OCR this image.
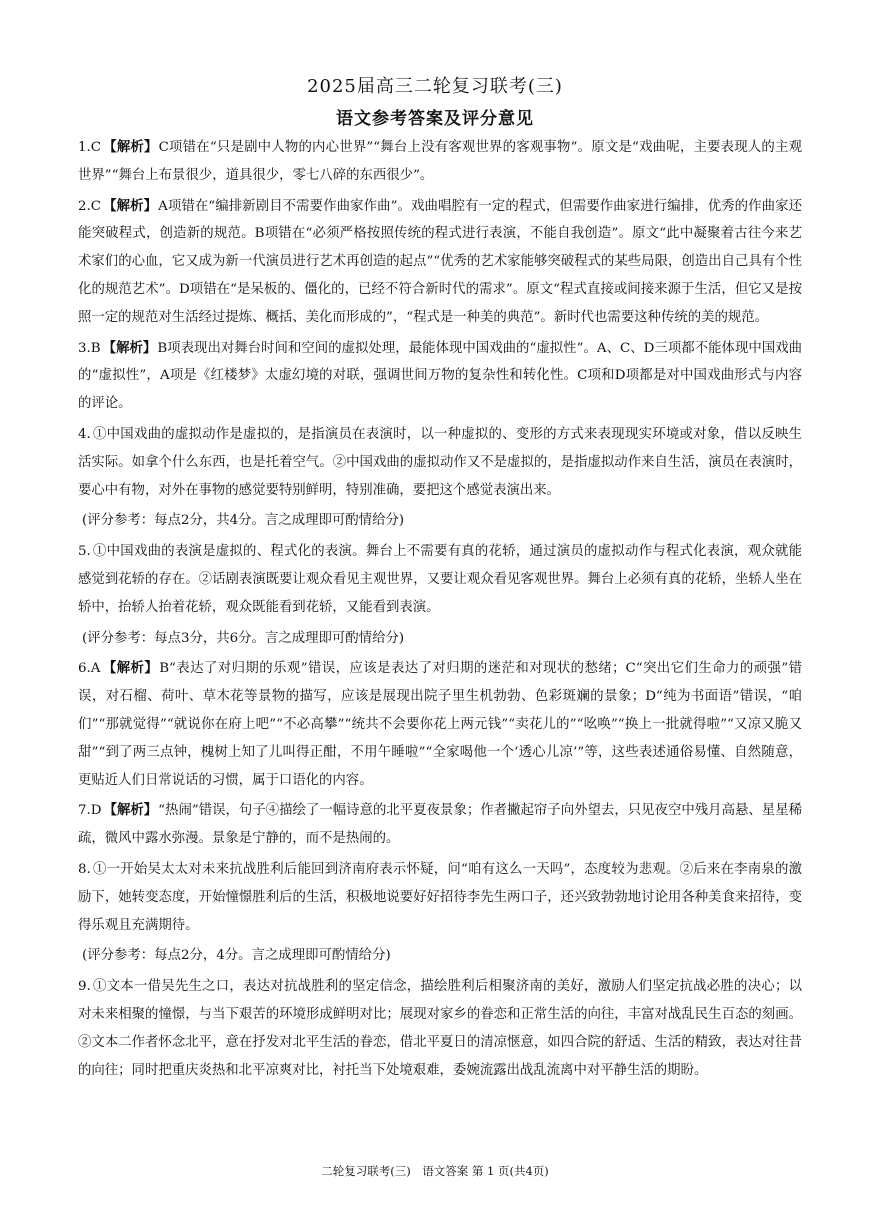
2025届高三二轮复习联考(三)
语文参考答案及评分意见

1.C 【解析】C项错在“只是剧中人物的内心世界”“舞台上没有客观世界的客观事物”。原文是“戏曲呢，主要表现人的主观世界”“舞台上布景很少，道具很少，零七八碎的东西很少”。

2.C 【解析】A项错在“编排新剧目不需要作曲家作曲”。戏曲唱腔有一定的程式，但需要作曲家进行编排，优秀的作曲家还能突破程式，创造新的规范。B项错在“必须严格按照传统的程式进行表演，不能自我创造”。原文“此中凝聚着古往今来艺术家们的心血，它又成为新一代演员进行艺术再创造的起点”“优秀的艺术家能够突破程式的某些局限，创造出自己具有个性化的规范艺术”。D项错在“是呆板的、僵化的，已经不符合新时代的需求”。原文“程式直接或间接来源于生活，但它又是按照一定的规范对生活经过提炼、概括、美化而形成的”，“程式是一种美的典范”。新时代也需要这种传统的美的规范。

3.B 【解析】B项表现出对舞台时间和空间的虚拟处理，最能体现中国戏曲的“虚拟性”。A、C、D三项都不能体现中国戏曲的“虚拟性”，A项是《红楼梦》太虚幻境的对联，强调世间万物的复杂性和转化性。C项和D项都是对中国戏曲形式与内容的评论。

4. ①中国戏曲的虚拟动作是虚拟的，是指演员在表演时，以一种虚拟的、变形的方式来表现现实环境或对象，借以反映生活实际。如拿个什么东西，也是托着空气。②中国戏曲的虚拟动作又不是虚拟的，是指虚拟动作来自生活，演员在表演时，要心中有物，对外在事物的感觉要特别鲜明，特别准确，要把这个感觉表演出来。

(评分参考：每点2分，共4分。言之成理即可酌情给分)

5. ①中国戏曲的表演是虚拟的、程式化的表演。舞台上不需要有真的花轿，通过演员的虚拟动作与程式化表演，观众就能感觉到花轿的存在。②话剧表演既要让观众看见主观世界，又要让观众看见客观世界。舞台上必须有真的花轿，坐轿人坐在轿中，抬轿人抬着花轿，观众既能看到花轿，又能看到表演。

(评分参考：每点3分，共6分。言之成理即可酌情给分)

6.A 【解析】B“表达了对归期的乐观”错误，应该是表达了对归期的迷茫和对现状的愁绪；C“突出它们生命力的顽强”错误，对石榴、荷叶、草木花等景物的描写，应该是展现出院子里生机勃勃、色彩斑斓的景象；D“纯为书面语”错误，“咱们”“那就觉得”“就说你在府上吧”“不必高攀”“统共不会要你花上两元钱”“卖花儿的”“吆唤”“换上一批就得啦”“又凉又脆又甜”“到了两三点钟，槐树上知了儿叫得正酣，不用午睡啦”“全家喝他一个‘透心儿凉’”等，这些表述通俗易懂、自然随意，更贴近人们日常说话的习惯，属于口语化的内容。

7.D 【解析】“热闹”错误，句子④描绘了一幅诗意的北平夏夜景象；作者撇起帘子向外望去，只见夜空中残月高悬、星星稀疏，微风中露水弥漫。景象是宁静的，而不是热闹的。

8. ①一开始吴太太对未来抗战胜利后能回到济南府表示怀疑，问“咱有这么一天吗”，态度较为悲观。②后来在李南泉的激励下，她转变态度，开始憧憬胜利后的生活，积极地说要好好招待李先生两口子，还兴致勃勃地讨论用各种美食来招待，变得乐观且充满期待。

(评分参考：每点2分，4分。言之成理即可酌情给分)

9. ①文本一借吴先生之口，表达对抗战胜利的坚定信念，描绘胜利后相聚济南的美好，激励人们坚定抗战必胜的决心；以对未来相聚的憧憬，与当下艰苦的环境形成鲜明对比；展现对家乡的眷恋和正常生活的向往，丰富对战乱民生百态的刻画。②文本二作者怀念北平，意在抒发对北平生活的眷恋，借北平夏日的清凉惬意，如四合院的舒适、生活的精致，表达对往昔的向往；同时把重庆炎热和北平凉爽对比，衬托当下处境艰难，委婉流露出战乱流离中对平静生活的期盼。

二轮复习联考(三)　语文答案 第 1 页(共4页)
